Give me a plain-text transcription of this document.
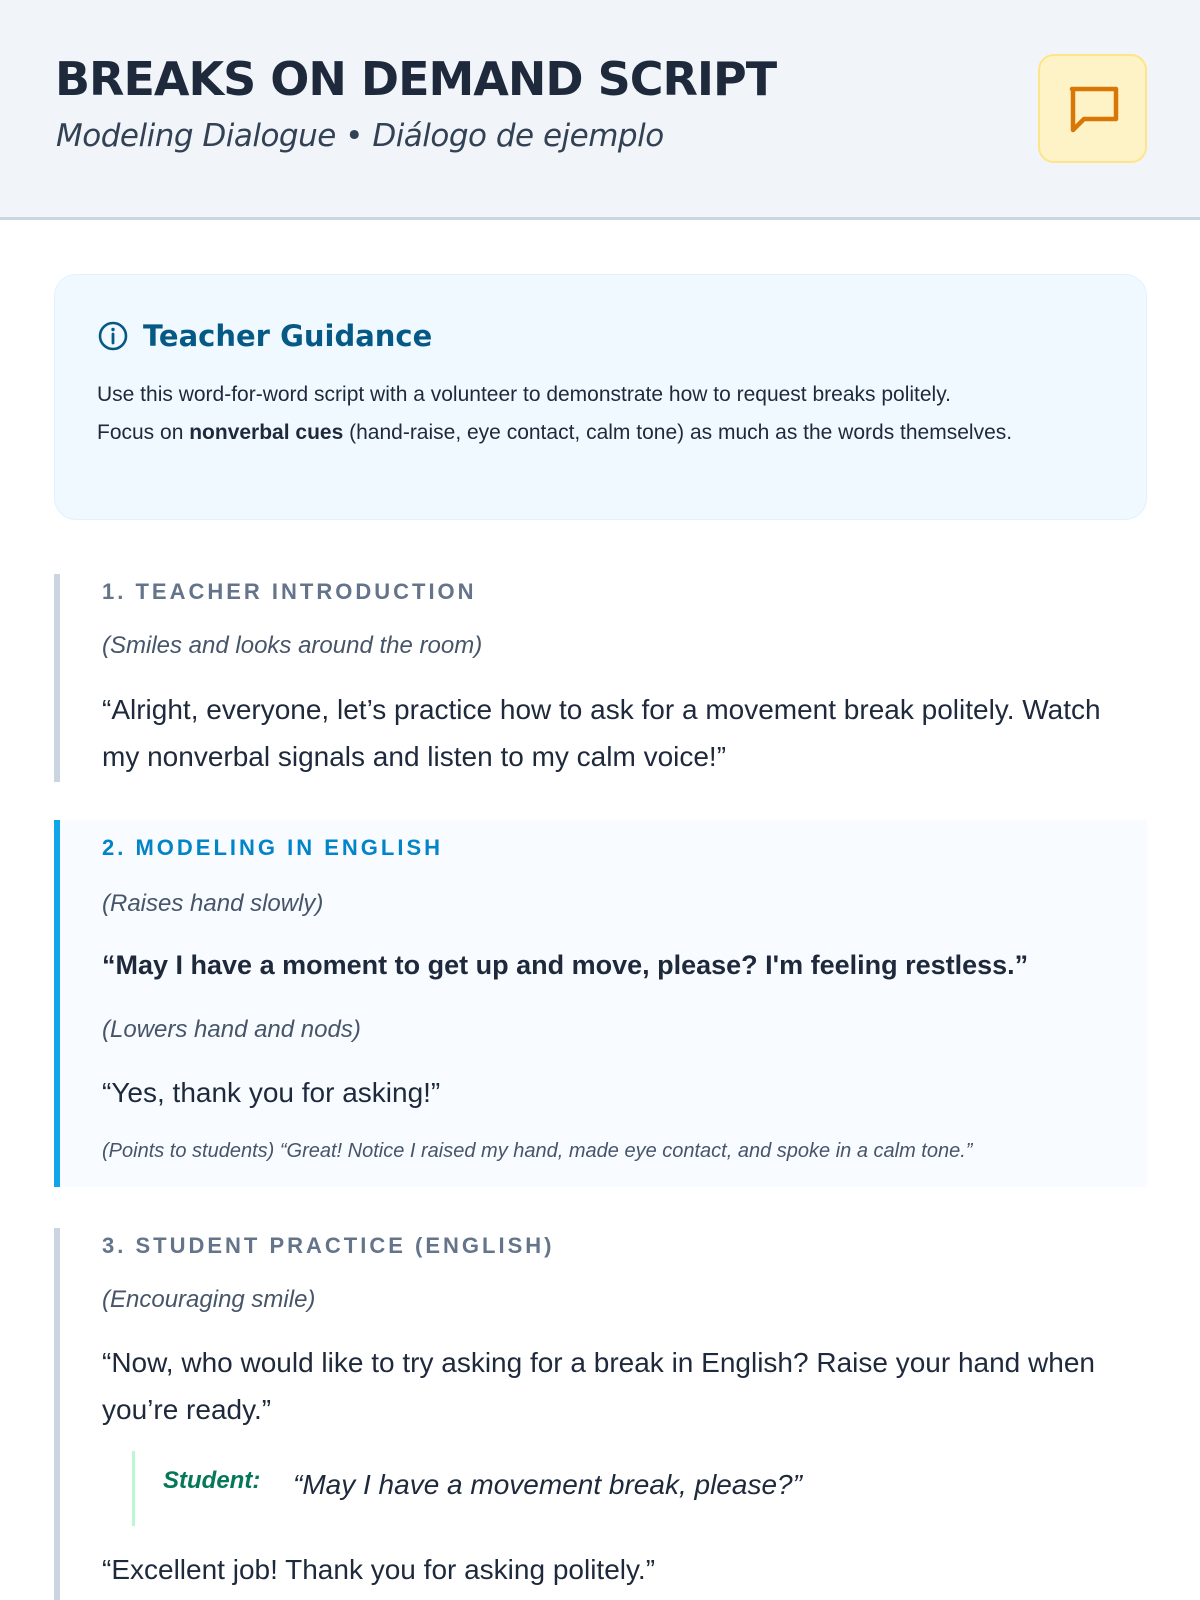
BREAKS ON DEMAND SCRIPT
Modeling Dialogue • Diálogo de ejemplo
Teacher Guidance
Use this word-for-word script with a volunteer to demonstrate how to request breaks politely.
Focus on nonverbal cues (hand-raise, eye contact, calm tone) as much as the words themselves.
1. TEACHER INTRODUCTION
(Smiles and looks around the room)
“Alright, everyone, let’s practice how to ask for a movement break politely. Watch my nonverbal signals and listen to my calm voice!”
2. MODELING IN ENGLISH
(Raises hand slowly)
“May I have a moment to get up and move, please? I'm feeling restless.”
(Lowers hand and nods)
“Yes, thank you for asking!”
(Points to students) “Great! Notice I raised my hand, made eye contact, and spoke in a calm tone.”
3. STUDENT PRACTICE (ENGLISH)
(Encouraging smile)
“Now, who would like to try asking for a break in English? Raise your hand when you’re ready.”
Student: “May I have a movement break, please?”
“Excellent job! Thank you for asking politely.”
